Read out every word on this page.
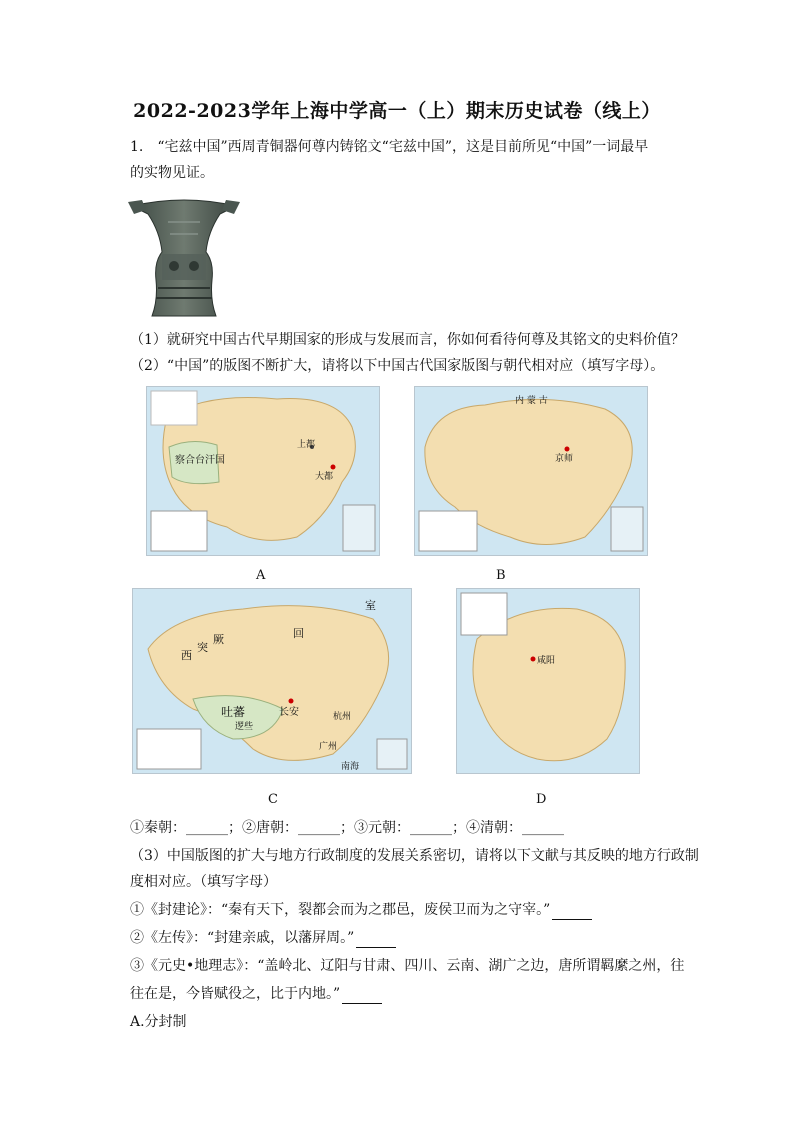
2022-2023学年上海中学高一（上）期末历史试卷（线上）
1.　“宅兹中国”西周青铜器何尊内铸铭文“宅兹中国”，这是目前所见“中国”一词最早
的实物见证。
（1）就研究中国古代早期国家的形成与发展而言，你如何看待何尊及其铭文的史料价值？
（2）“中国”的版图不断扩大，请将以下中国古代国家版图与朝代相对应（填写字母）。
察合台汗国
大都
上都
内 蒙 古
京师
A	B
西
突
厥
吐蕃
逻些
长安
广州
杭州
回
室
南海
咸阳
C	D
①秦朝：______；②唐朝：______；③元朝：______；④清朝：______
（3）中国版图的扩大与地方行政制度的发展关系密切，请将以下文献与其反映的地方行政制
度相对应。（填写字母）
①《封建论》：“秦有天下，裂都会而为之郡邑，废侯卫而为之守宰。”
②《左传》：“封建亲戚，以藩屏周。”
③《元史•地理志》：“盖岭北、辽阳与甘肃、四川、云南、湖广之边，唐所谓羁縻之州，往
往在是，今皆赋役之，比于内地。”
A.分封制
